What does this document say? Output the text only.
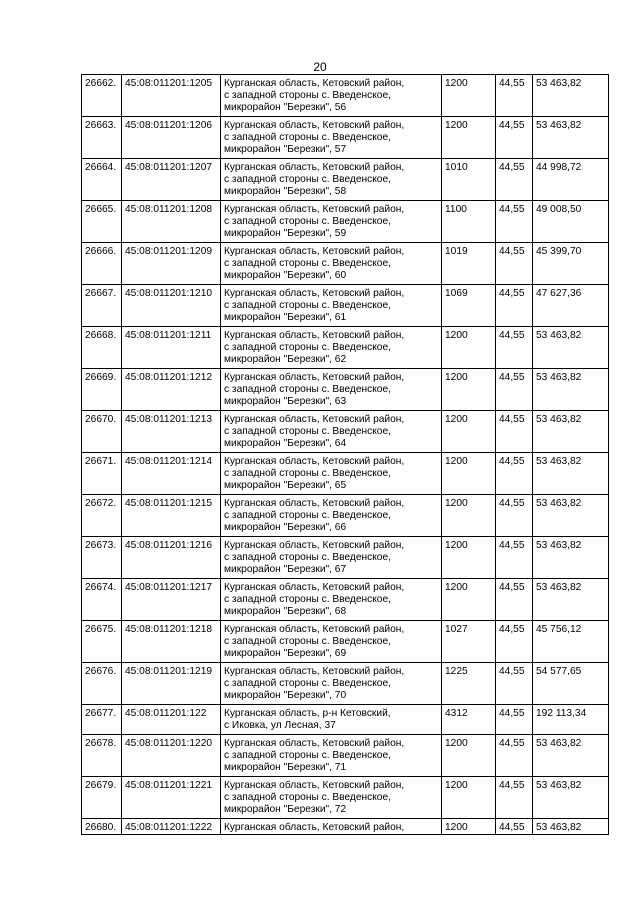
20
26662.	45:08:011201:1205	Курганская область, Кетовский район,
с западной стороны с. Введенское,
микрорайон "Березки", 56	1200	44,55	53 463,82
26663.	45:08:011201:1206	Курганская область, Кетовский район,
с западной стороны с. Введенское,
микрорайон "Березки", 57	1200	44,55	53 463,82
26664.	45:08:011201:1207	Курганская область, Кетовский район,
с западной стороны с. Введенское,
микрорайон "Березки", 58	1010	44,55	44 998,72
26665.	45:08:011201:1208	Курганская область, Кетовский район,
с западной стороны с. Введенское,
микрорайон "Березки", 59	1100	44,55	49 008,50
26666.	45:08:011201:1209	Курганская область, Кетовский район,
с западной стороны с. Введенское,
микрорайон "Березки", 60	1019	44,55	45 399,70
26667.	45:08:011201:1210	Курганская область, Кетовский район,
с западной стороны с. Введенское,
микрорайон "Березки", 61	1069	44,55	47 627,36
26668.	45:08:011201:1211	Курганская область, Кетовский район,
с западной стороны с. Введенское,
микрорайон "Березки", 62	1200	44,55	53 463,82
26669.	45:08:011201:1212	Курганская область, Кетовский район,
с западной стороны с. Введенское,
микрорайон "Березки", 63	1200	44,55	53 463,82
26670.	45:08:011201:1213	Курганская область, Кетовский район,
с западной стороны с. Введенское,
микрорайон "Березки", 64	1200	44,55	53 463,82
26671.	45:08:011201:1214	Курганская область, Кетовский район,
с западной стороны с. Введенское,
микрорайон "Березки", 65	1200	44,55	53 463,82
26672.	45:08:011201:1215	Курганская область, Кетовский район,
с западной стороны с. Введенское,
микрорайон "Березки", 66	1200	44,55	53 463,82
26673.	45:08:011201:1216	Курганская область, Кетовский район,
с западной стороны с. Введенское,
микрорайон "Березки", 67	1200	44,55	53 463,82
26674.	45:08:011201:1217	Курганская область, Кетовский район,
с западной стороны с. Введенское,
микрорайон "Березки", 68	1200	44,55	53 463,82
26675.	45:08:011201:1218	Курганская область, Кетовский район,
с западной стороны с. Введенское,
микрорайон "Березки", 69	1027	44,55	45 756,12
26676.	45:08:011201:1219	Курганская область, Кетовский район,
с западной стороны с. Введенское,
микрорайон "Березки", 70	1225	44,55	54 577,65
26677.	45:08:011201:122	Курганская область, р-н Кетовский,
с Иковка, ул Лесная, 37	4312	44,55	192 113,34
26678.	45:08:011201:1220	Курганская область, Кетовский район,
с западной стороны с. Введенское,
микрорайон "Березки", 71	1200	44,55	53 463,82
26679.	45:08:011201:1221	Курганская область, Кетовский район,
с западной стороны с. Введенское,
микрорайон "Березки", 72	1200	44,55	53 463,82
26680.	45:08:011201:1222	Курганская область, Кетовский район,	1200	44,55	53 463,82
